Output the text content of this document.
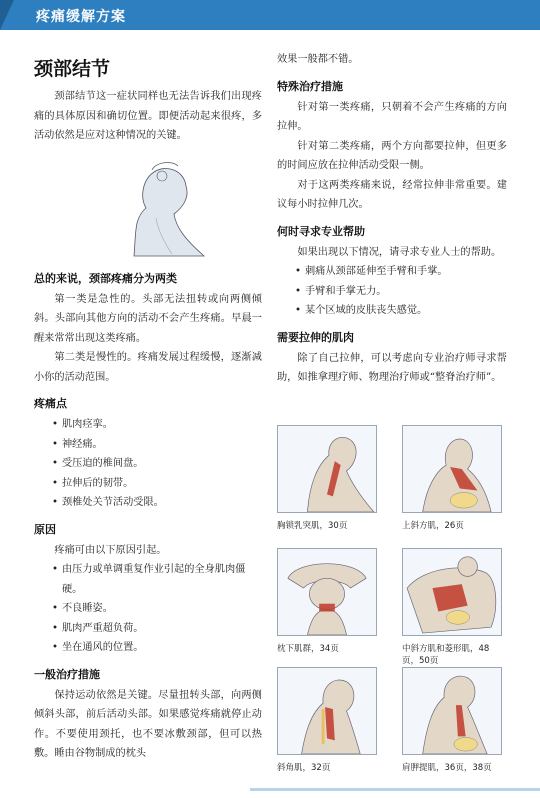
疼痛缓解方案
颈部结节

颈部结节这一症状同样也无法告诉我们出现疼痛的具体原因和确切位置。即便活动起来很疼，多活动依然是应对这种情况的关键。

总的来说，颈部疼痛分为两类

第一类是急性的。头部无法扭转或向两侧倾斜。头部向其他方向的活动不会产生疼痛。早晨一醒来常常出现这类疼痛。

第二类是慢性的。疼痛发展过程缓慢，逐渐减小你的活动范围。

疼痛点
• 肌肉痉挛。
• 神经痛。
• 受压迫的椎间盘。
• 拉伸后的韧带。
• 颈椎处关节活动受限。
原因

疼痛可由以下原因引起。

• 由压力或单调重复作业引起的全身肌肉僵硬。
• 不良睡姿。
• 肌肉严重超负荷。
• 坐在通风的位置。
一般治疗措施

保持运动依然是关键。尽量扭转头部，向两侧倾斜头部，前后活动头部。如果感觉疼痛就停止动作。不要使用颈托，也不要冰敷颈部，但可以热敷。睡由谷物制成的枕头

效果一般都不错。

特殊治疗措施

针对第一类疼痛，只朝着不会产生疼痛的方向拉伸。

针对第二类疼痛，两个方向都要拉伸，但更多的时间应放在拉伸活动受限一侧。

对于这两类疼痛来说，经常拉伸非常重要。建议每小时拉伸几次。

何时寻求专业帮助

如果出现以下情况，请寻求专业人士的帮助。

• 刺痛从颈部延伸至手臂和手掌。
• 手臂和手掌无力。
• 某个区域的皮肤丧失感觉。
需要拉伸的肌肉

除了自己拉伸，可以考虑向专业治疗师寻求帮助，如推拿理疗师、物理治疗师或“整脊治疗师”。

胸锁乳突肌，30页	上斜方肌，26页
枕下肌群，34页	中斜方肌和菱形肌，48页，50页
斜角肌，32页	肩胛提肌，36页，38页
